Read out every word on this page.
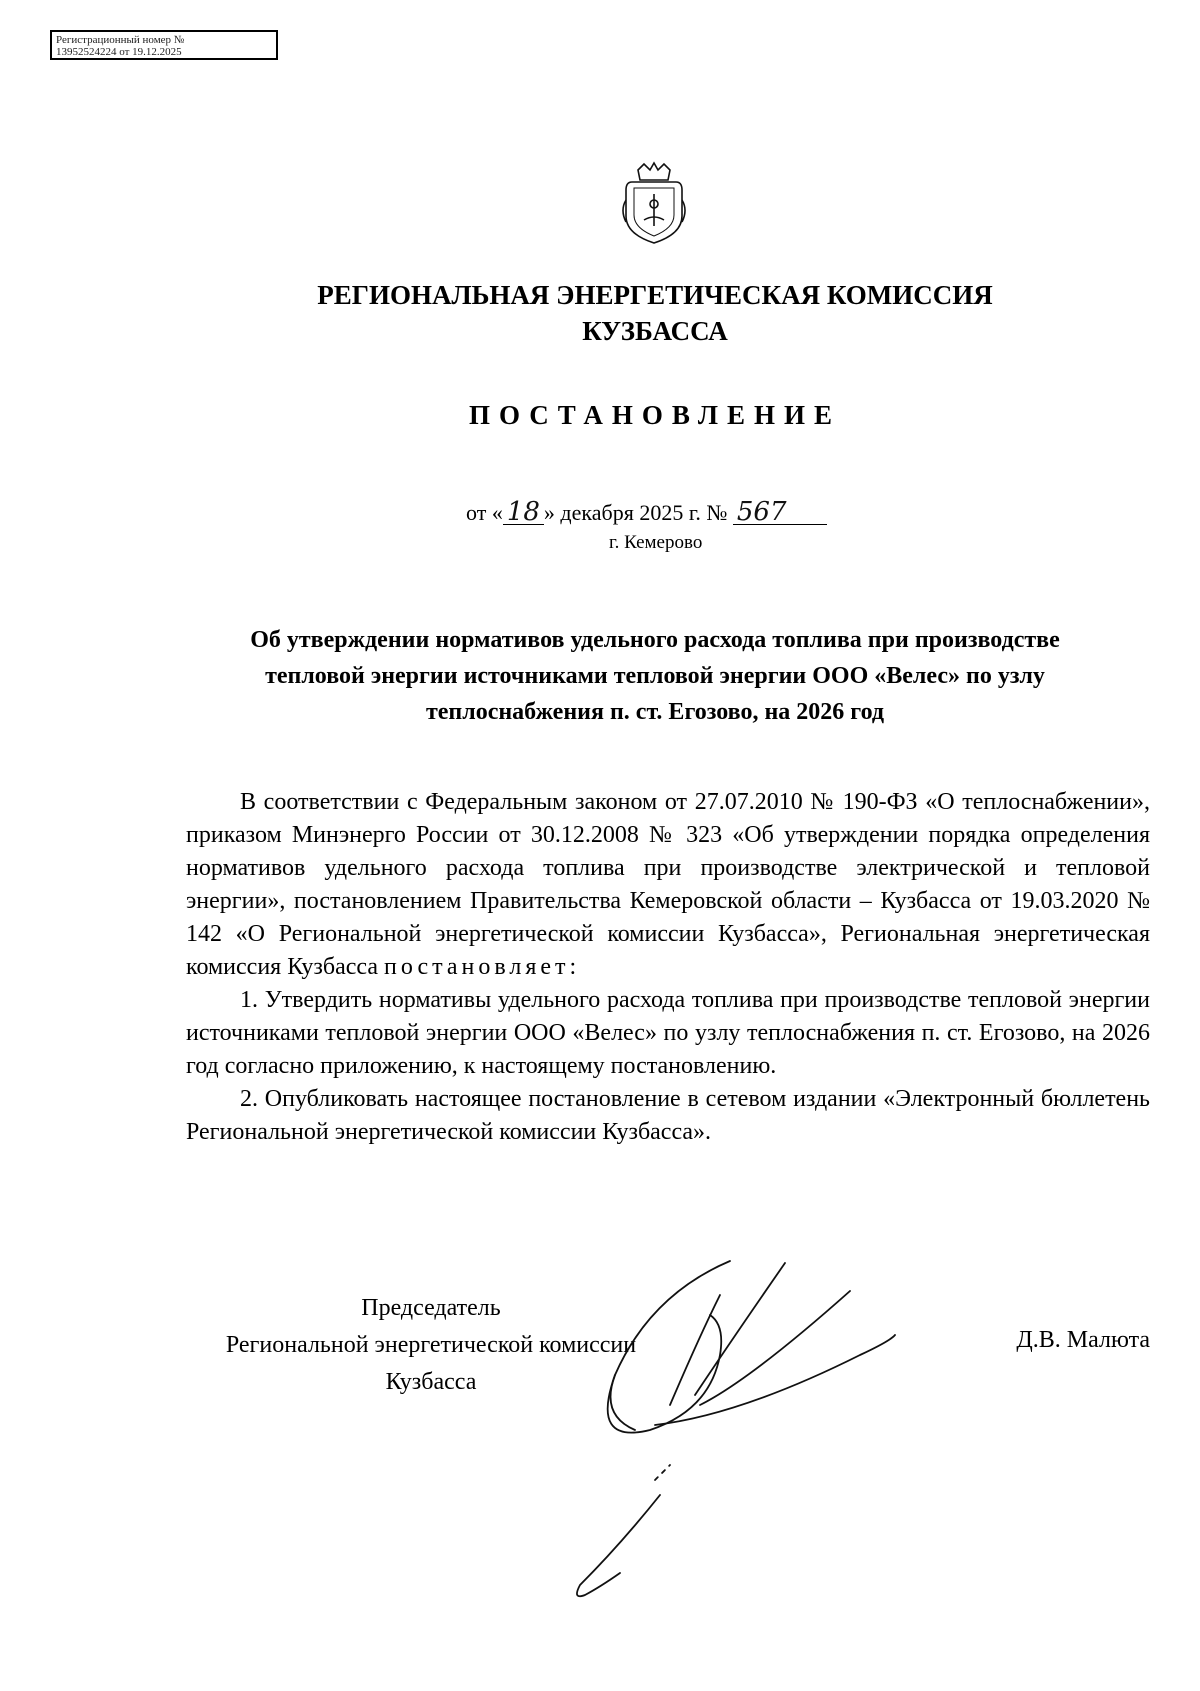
Регистрационный номер №
13952524224 от 19.12.2025
РЕГИОНАЛЬНАЯ ЭНЕРГЕТИЧЕСКАЯ КОМИССИЯ
КУЗБАССА
ПОСТАНОВЛЕНИЕ
от « 18 » декабря 2025 г. № 567
г. Кемерово
Об утверждении нормативов удельного расхода топлива при производстве
тепловой энергии источниками тепловой энергии ООО «Велес» по узлу
теплоснабжения п. ст. Егозово, на 2026 год

В соответствии с Федеральным законом от 27.07.2010 № 190-ФЗ «О теплоснабжении», приказом Минэнерго России от 30.12.2008 № 323 «Об утверждении порядка определения нормативов удельного расхода топлива при производстве электрической и тепловой энергии», постановлением Правительства Кемеровской области – Кузбасса от 19.03.2020 № 142 «О Региональной энергетической комиссии Кузбасса», Региональная энергетическая комиссия Кузбасса постановляет:

1. Утвердить нормативы удельного расхода топлива при производстве тепловой энергии источниками тепловой энергии ООО «Велес» по узлу теплоснабжения п. ст. Егозово, на 2026 год согласно приложению, к настоящему постановлению.

2. Опубликовать настоящее постановление в сетевом издании «Электронный бюллетень Региональной энергетической комиссии Кузбасса».

Председатель
Региональной энергетической комиссии
Кузбасса
Д.В. Малюта
